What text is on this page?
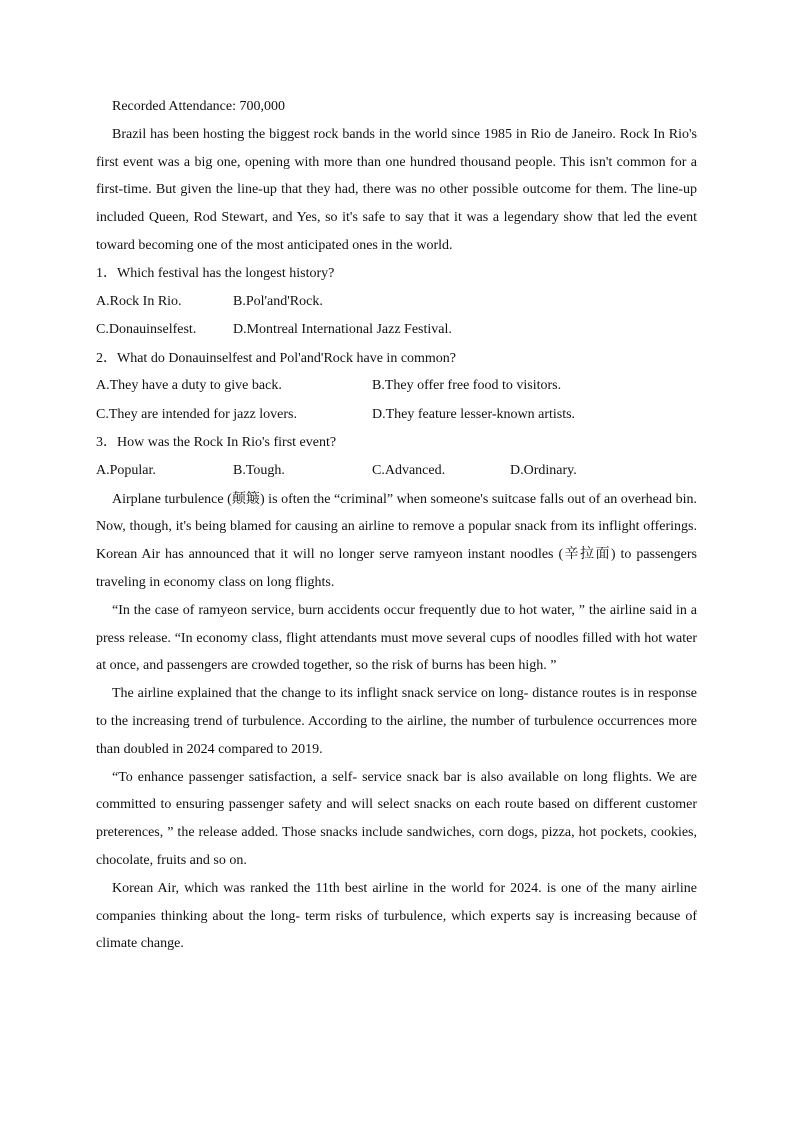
Recorded Attendance: 700,000

Brazil has been hosting the biggest rock bands in the world since 1985 in Rio de Janeiro. Rock In Rio's first event was a big one, opening with more than one hundred thousand people. This isn't common for a first-time. But given the line-up that they had, there was no other possible outcome for them. The line-up included Queen, Rod Stewart, and Yes, so it's safe to say that it was a legendary show that led the event toward becoming one of the most anticipated ones in the world.

1．Which festival has the longest history?

A.Rock In Rio.	B.Pol'and'Rock.
C.Donauinselfest.	D.Montreal International Jazz Festival.

2．What do Donauinselfest and Pol'and'Rock have in common?

A.They have a duty to give back.	B.They offer free food to visitors.
C.They are intended for jazz lovers.	D.They feature lesser-known artists.

3．How was the Rock In Rio's first event?

A.Popular.	B.Tough.	C.Advanced.	D.Ordinary.

Airplane turbulence (颠簸) is often the “criminal” when someone's suitcase falls out of an overhead bin. Now, though, it's being blamed for causing an airline to remove a popular snack from its inflight offerings. Korean Air has announced that it will no longer serve ramyeon instant noodles (辛拉面) to passengers traveling in economy class on long flights.

“In the case of ramyeon service, burn accidents occur frequently due to hot water, ” the airline said in a press release. “In economy class, flight attendants must move several cups of noodles filled with hot water at once, and passengers are crowded together, so the risk of burns has been high. ”

The airline explained that the change to its inflight snack service on long- distance routes is in response to the increasing trend of turbulence. According to the airline, the number of turbulence occurrences more than doubled in 2024 compared to 2019.

“To enhance passenger satisfaction, a self- service snack bar is also available on long flights. We are committed to ensuring passenger safety and will select snacks on each route based on different customer preterences, ” the release added. Those snacks include sandwiches, corn dogs, pizza, hot pockets, cookies, chocolate, fruits and so on.

Korean Air, which was ranked the 11th best airline in the world for 2024. is one of the many airline companies thinking about the long- term risks of turbulence, which experts say is increasing because of climate change.
